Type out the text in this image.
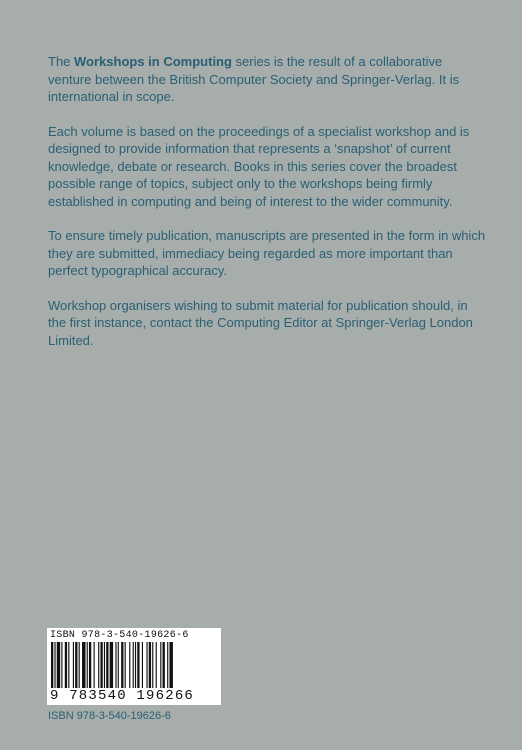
The Workshops in Computing series is the result of a collaborative venture between the British Computer Society and Springer-Verlag. It is international in scope.

Each volume is based on the proceedings of a specialist workshop and is designed to provide information that represents a ‘snapshot’ of current knowledge, debate or research. Books in this series cover the broadest possible range of topics, subject only to the workshops being firmly established in computing and being of interest to the wider community.

To ensure timely publication, manuscripts are presented in the form in which they are submitted, immediacy being regarded as more important than perfect typographical accuracy.

Workshop organisers wishing to submit material for publication should, in the first instance, contact the Computing Editor at Springer-Verlag London Limited.

ISBN 978-3-540-19626-6
9 783540 196266
ISBN 978-3-540-19626-6
